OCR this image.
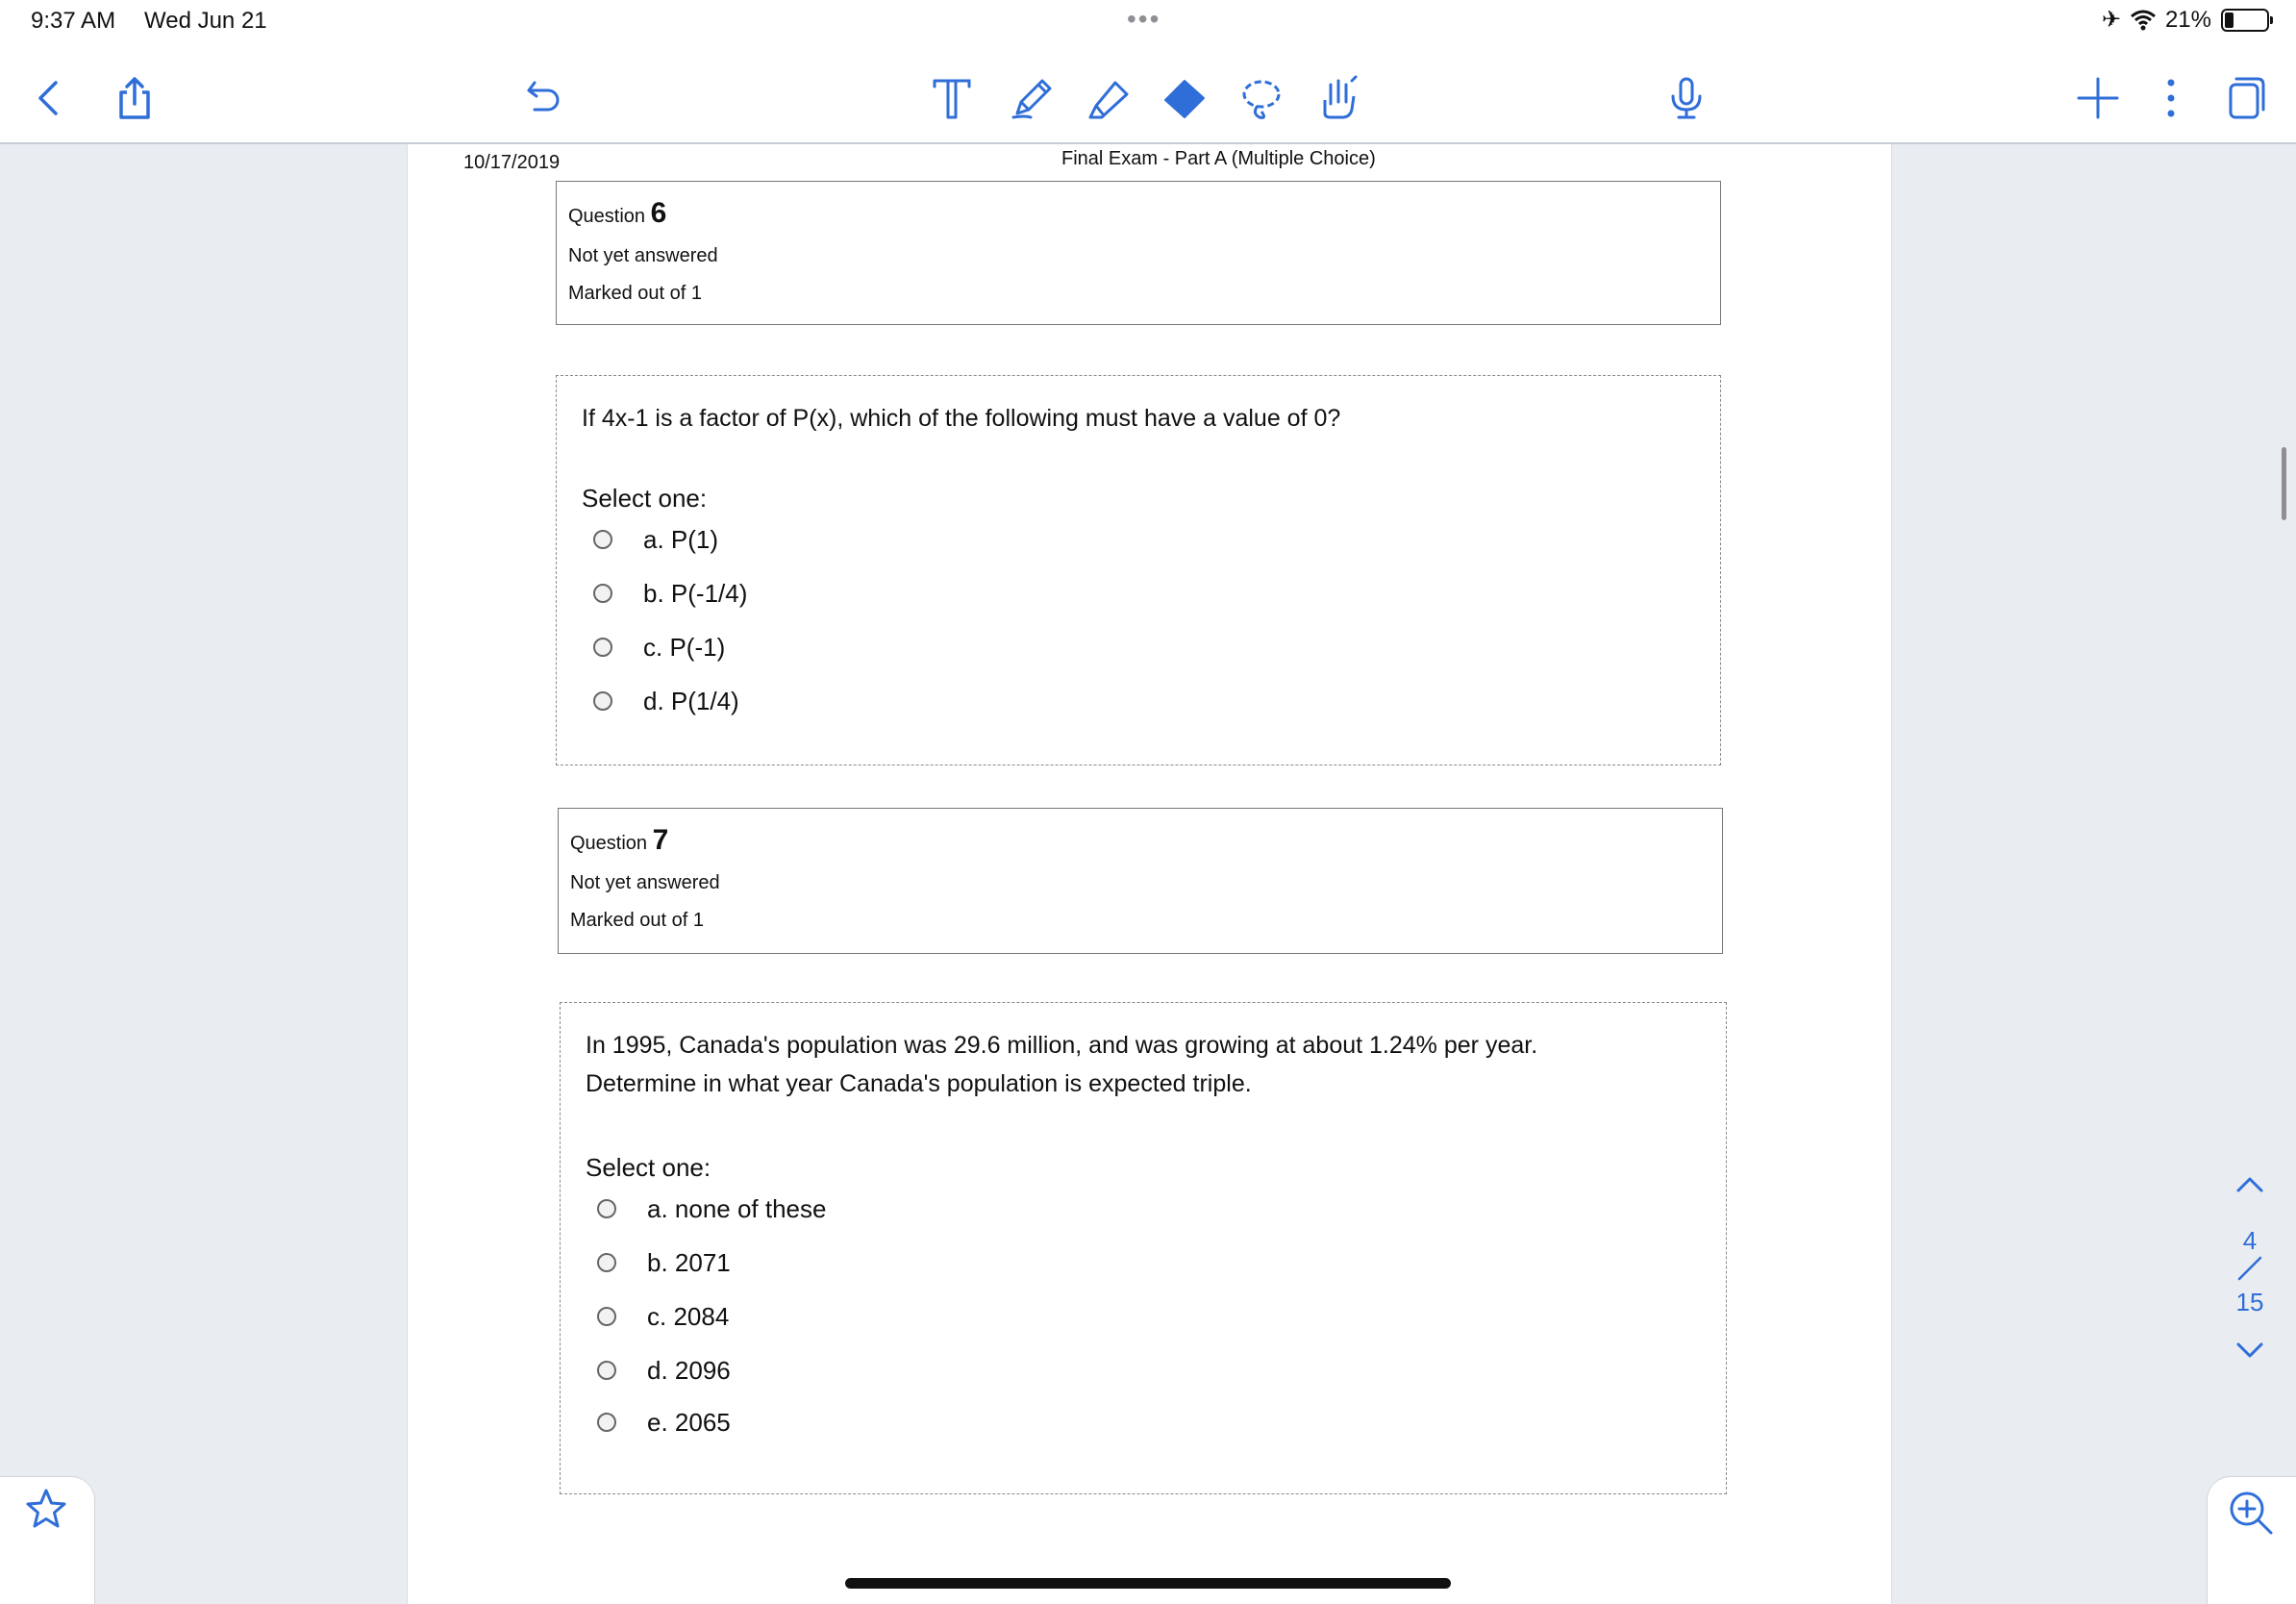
9:37 AM Wed Jun 21	•••	✈ 21%
10/17/2019	Final Exam - Part A (Multiple Choice)
Question 6
Not yet answered
Marked out of 1
If 4x-1 is a factor of P(x), which of the following must have a value of 0?
Select one:
a. P(1)
b. P(-1/4)
c. P(-1)
d. P(1/4)
Question 7
Not yet answered
Marked out of 1
In 1995, Canada's population was 29.6 million, and was growing at about 1.24% per year.
Determine in what year Canada's population is expected triple.
Select one:
a. none of these
b. 2071
c. 2084
d. 2096
e. 2065
4
15
